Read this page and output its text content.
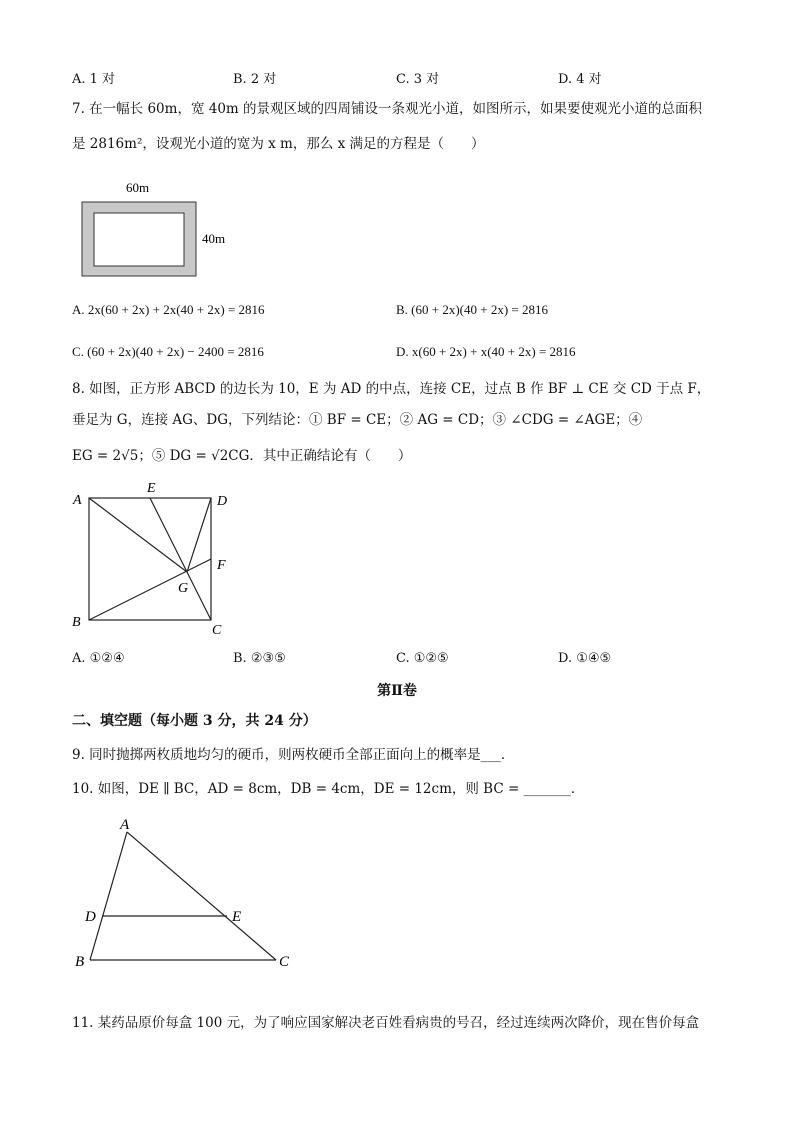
A. 1 对	B. 2 对	C. 3 对	D. 4 对
7. 在一幅长 60m，宽 40m 的景观区域的四周铺设一条观光小道，如图所示，如果要使观光小道的总面积
是 2816m²，设观光小道的宽为 x m，那么 x 满足的方程是（　　）
60m
40m
A. 2x(60 + 2x) + 2x(40 + 2x) = 2816	B. (60 + 2x)(40 + 2x) = 2816
C. (60 + 2x)(40 + 2x) − 2400 = 2816	D. x(60 + 2x) + x(40 + 2x) = 2816
8. 如图，正方形 ABCD 的边长为 10，E 为 AD 的中点，连接 CE，过点 B 作 BF ⊥ CE 交 CD 于点 F，
垂足为 G，连接 AG、DG，下列结论：① BF = CE；② AG = CD；③ ∠CDG = ∠AGE；④
EG = 2√5；⑤ DG = √2CG．其中正确结论有（　　）
A
E
D
F
G
B
C
A. ①②④	B. ②③⑤	C. ①②⑤	D. ①④⑤
第Ⅱ卷
二、填空题（每小题 3 分，共 24 分）
9. 同时抛掷两枚质地均匀的硬币，则两枚硬币全部正面向上的概率是___．
10. 如图，DE ∥ BC，AD = 8cm，DB = 4cm，DE = 12cm，则 BC = _______．
A
D	E
B	C
11. 某药品原价每盒 100 元，为了响应国家解决老百姓看病贵的号召，经过连续两次降价，现在售价每盒
